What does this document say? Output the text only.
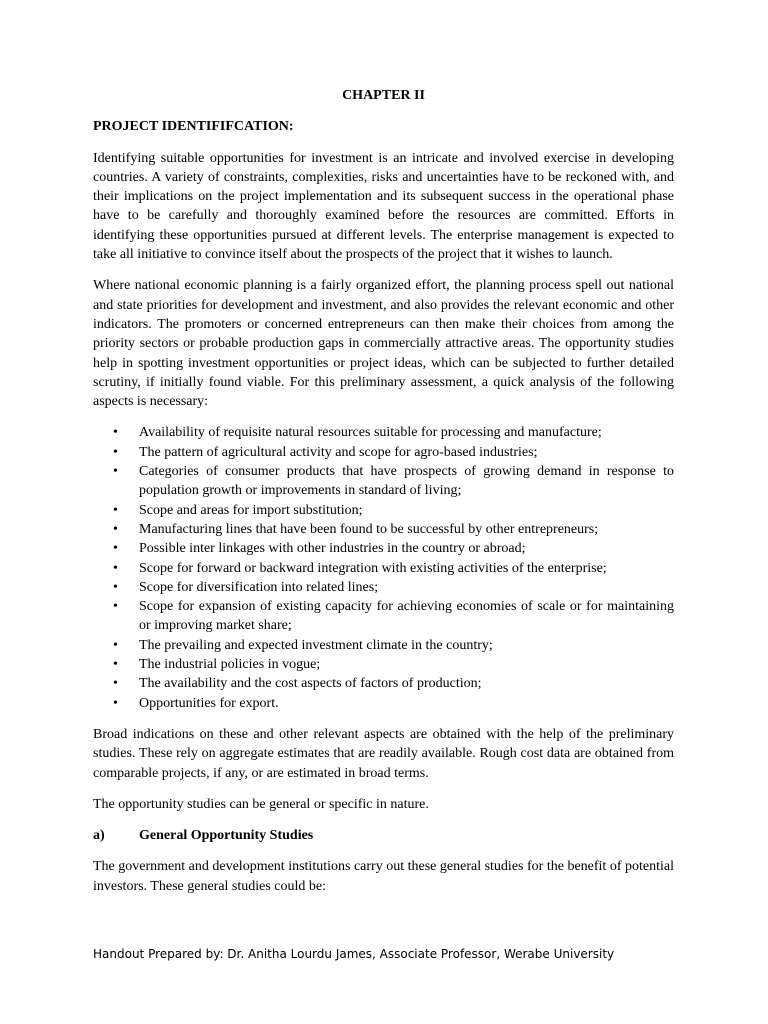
CHAPTER II
PROJECT IDENTIFIFCATION:

Identifying suitable opportunities for investment is an intricate and involved exercise in developing countries. A variety of constraints, complexities, risks and uncertainties have to be reckoned with, and their implications on the project implementation and its subsequent success in the operational phase have to be carefully and thoroughly examined before the resources are committed. Efforts in identifying these opportunities pursued at different levels. The enterprise management is expected to take all initiative to convince itself about the prospects of the project that it wishes to launch.

Where national economic planning is a fairly organized effort, the planning process spell out national and state priorities for development and investment, and also provides the relevant economic and other indicators. The promoters or concerned entrepreneurs can then make their choices from among the priority sectors or probable production gaps in commercially attractive areas. The opportunity studies help in spotting investment opportunities or project ideas, which can be subjected to further detailed scrutiny, if initially found viable. For this preliminary assessment, a quick analysis of the following aspects is necessary:

• Availability of requisite natural resources suitable for processing and manufacture;
• The pattern of agricultural activity and scope for agro-based industries;
• Categories of consumer products that have prospects of growing demand in response to population growth or improvements in standard of living;
• Scope and areas for import substitution;
• Manufacturing lines that have been found to be successful by other entrepreneurs;
• Possible inter linkages with other industries in the country or abroad;
• Scope for forward or backward integration with existing activities of the enterprise;
• Scope for diversification into related lines;
• Scope for expansion of existing capacity for achieving economies of scale or for maintaining or improving market share;
• The prevailing and expected investment climate in the country;
• The industrial policies in vogue;
• The availability and the cost aspects of factors of production;
• Opportunities for export.

Broad indications on these and other relevant aspects are obtained with the help of the preliminary studies. These rely on aggregate estimates that are readily available. Rough cost data are obtained from comparable projects, if any, or are estimated in broad terms.

The opportunity studies can be general or specific in nature.

a)	General Opportunity Studies

The government and development institutions carry out these general studies for the benefit of potential investors. These general studies could be:

Handout Prepared by: Dr. Anitha Lourdu James, Associate Professor, Werabe University
